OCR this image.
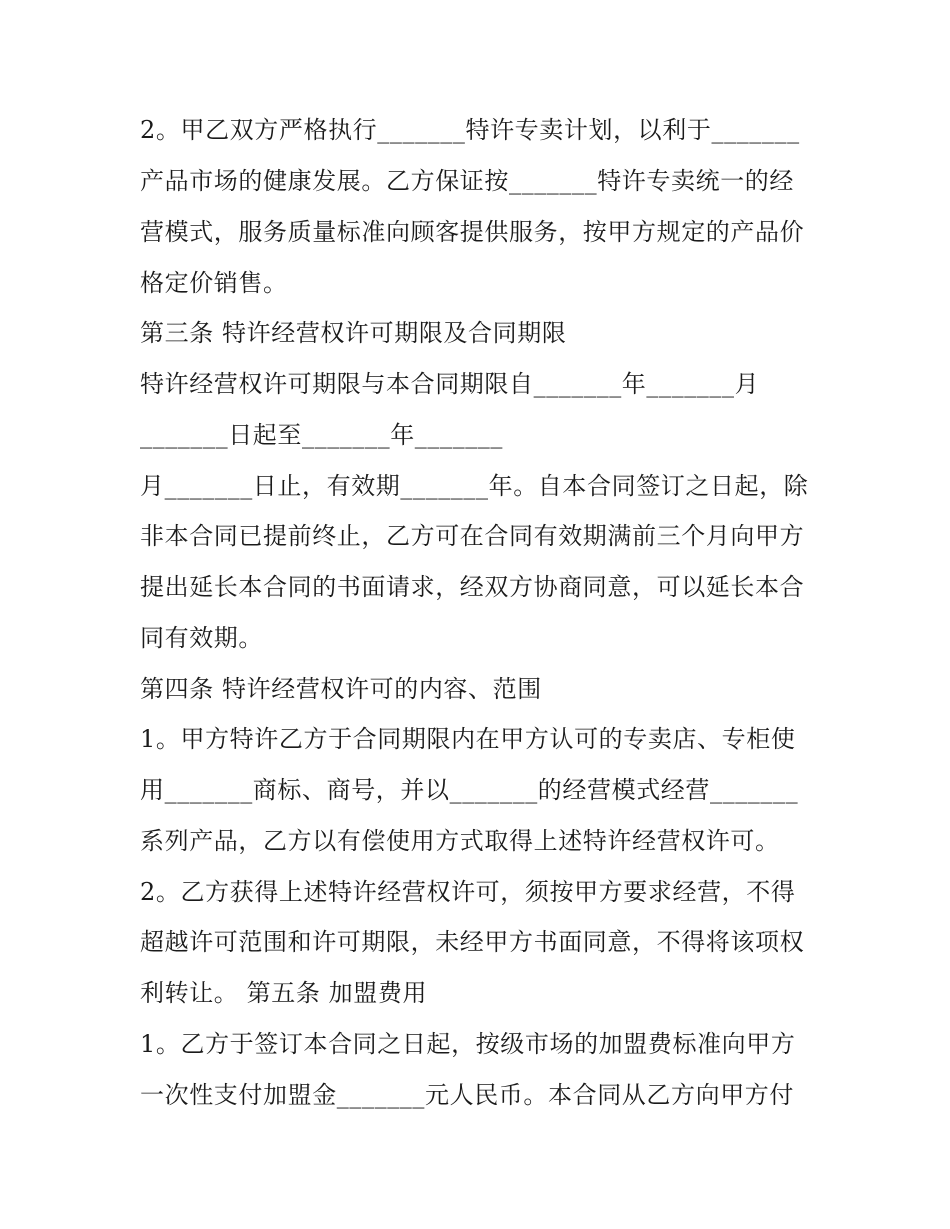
2。甲乙双方严格执行_______特许专卖计划，以利于_______
产品市场的健康发展。乙方保证按_______特许专卖统一的经
营模式，服务质量标准向顾客提供服务，按甲方规定的产品价
格定价销售。
第三条 特许经营权许可期限及合同期限
特许经营权许可期限与本合同期限自_______年_______月
_______日起至_______年_______
月_______日止，有效期_______年。自本合同签订之日起，除
非本合同已提前终止，乙方可在合同有效期满前三个月向甲方
提出延长本合同的书面请求，经双方协商同意，可以延长本合
同有效期。
第四条 特许经营权许可的内容、范围
1。甲方特许乙方于合同期限内在甲方认可的专卖店、专柜使
用_______商标、商号，并以_______的经营模式经营_______
系列产品，乙方以有偿使用方式取得上述特许经营权许可。
2。乙方获得上述特许经营权许可，须按甲方要求经营，不得
超越许可范围和许可期限，未经甲方书面同意，不得将该项权
利转让。 第五条 加盟费用
1。乙方于签订本合同之日起，按级市场的加盟费标准向甲方
一次性支付加盟金_______元人民币。本合同从乙方向甲方付
